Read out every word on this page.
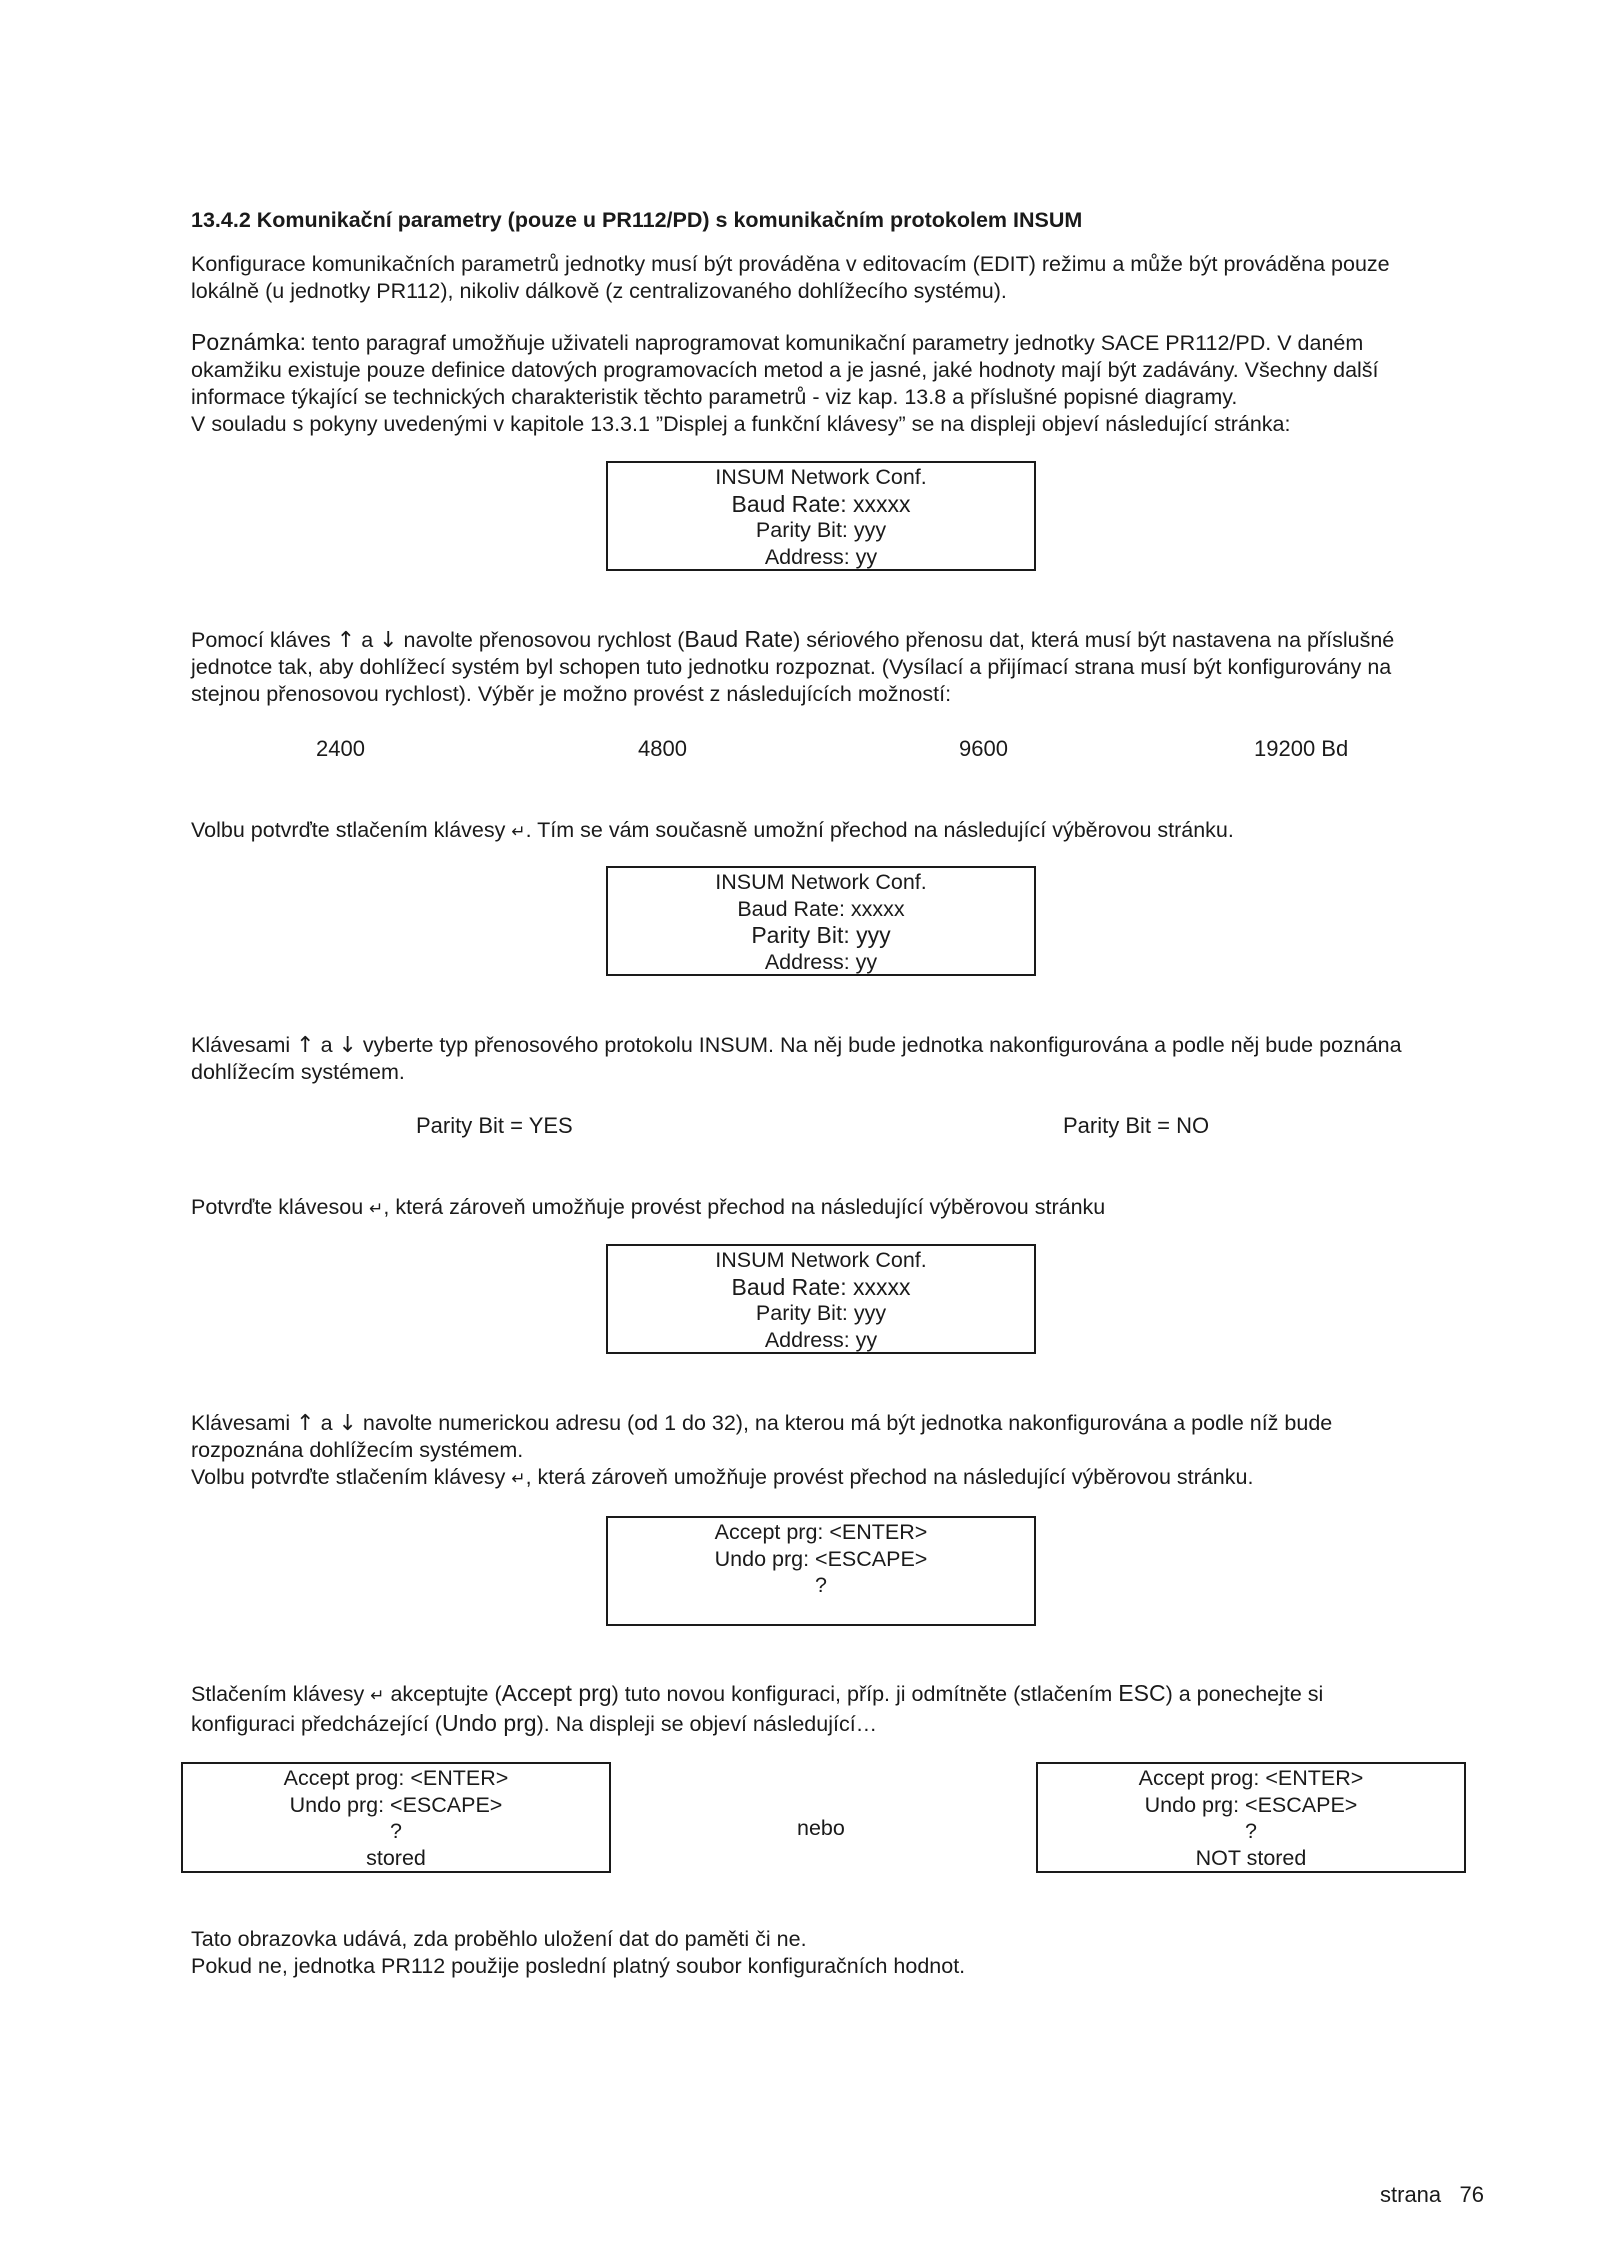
13.4.2 Komunikační parametry (pouze u PR112/PD) s komunikačním protokolem INSUM
Konfigurace komunikačních parametrů jednotky musí být prováděna v editovacím (EDIT) režimu a může být prováděna pouze
lokálně (u jednotky PR112), nikoliv dálkově (z centralizovaného dohlížecího systému).
Poznámka: tento paragraf umožňuje uživateli naprogramovat komunikační parametry jednotky SACE PR112/PD. V daném
okamžiku existuje pouze definice datových programovacích metod a je jasné, jaké hodnoty mají být zadávány. Všechny další
informace týkající se technických charakteristik těchto parametrů - viz kap. 13.8 a příslušné popisné diagramy.
V souladu s pokyny uvedenými v kapitole 13.3.1 ”Displej a funkční klávesy” se na displeji objeví následující stránka:
INSUM Network Conf.
Baud Rate: xxxxx
Parity Bit: yyy
Address: yy
Pomocí kláves ↑ a ↓ navolte přenosovou rychlost (Baud Rate) sériového přenosu dat, která musí být nastavena na příslušné
jednotce tak, aby dohlížecí systém byl schopen tuto jednotku rozpoznat. (Vysílací a přijímací strana musí být konfigurovány na
stejnou přenosovou rychlost). Výběr je možno provést z následujících možností:
2400	4800	9600	19200 Bd
Volbu potvrďte stlačením klávesy ↵. Tím se vám současně umožní přechod na následující výběrovou stránku.
INSUM Network Conf.
Baud Rate: xxxxx
Parity Bit: yyy
Address: yy
Klávesami ↑ a ↓ vyberte typ přenosového protokolu INSUM. Na něj bude jednotka nakonfigurována a podle něj bude poznána
dohlížecím systémem.
Parity Bit = YES	Parity Bit = NO
Potvrďte klávesou ↵, která zároveň umožňuje provést přechod na následující výběrovou stránku
INSUM Network Conf.
Baud Rate: xxxxx
Parity Bit: yyy
Address: yy
Klávesami ↑ a ↓ navolte numerickou adresu (od 1 do 32), na kterou má být jednotka nakonfigurována a podle níž bude
rozpoznána dohlížecím systémem.
Volbu potvrďte stlačením klávesy ↵, která zároveň umožňuje provést přechod na následující výběrovou stránku.
Accept prg: <ENTER>
Undo prg: <ESCAPE>
?
Stlačením klávesy ↵ akceptujte (Accept prg) tuto novou konfiguraci, příp. ji odmítněte (stlačením ESC) a ponechejte si
konfiguraci předcházející (Undo prg). Na displeji se objeví následující…
Accept prog: <ENTER>
Undo prg: <ESCAPE>
?
stored
nebo
Accept prog: <ENTER>
Undo prg: <ESCAPE>
?
NOT stored
Tato obrazovka udává, zda proběhlo uložení dat do paměti či ne.
Pokud ne, jednotka PR112 použije poslední platný soubor konfiguračních hodnot.
strana 76
